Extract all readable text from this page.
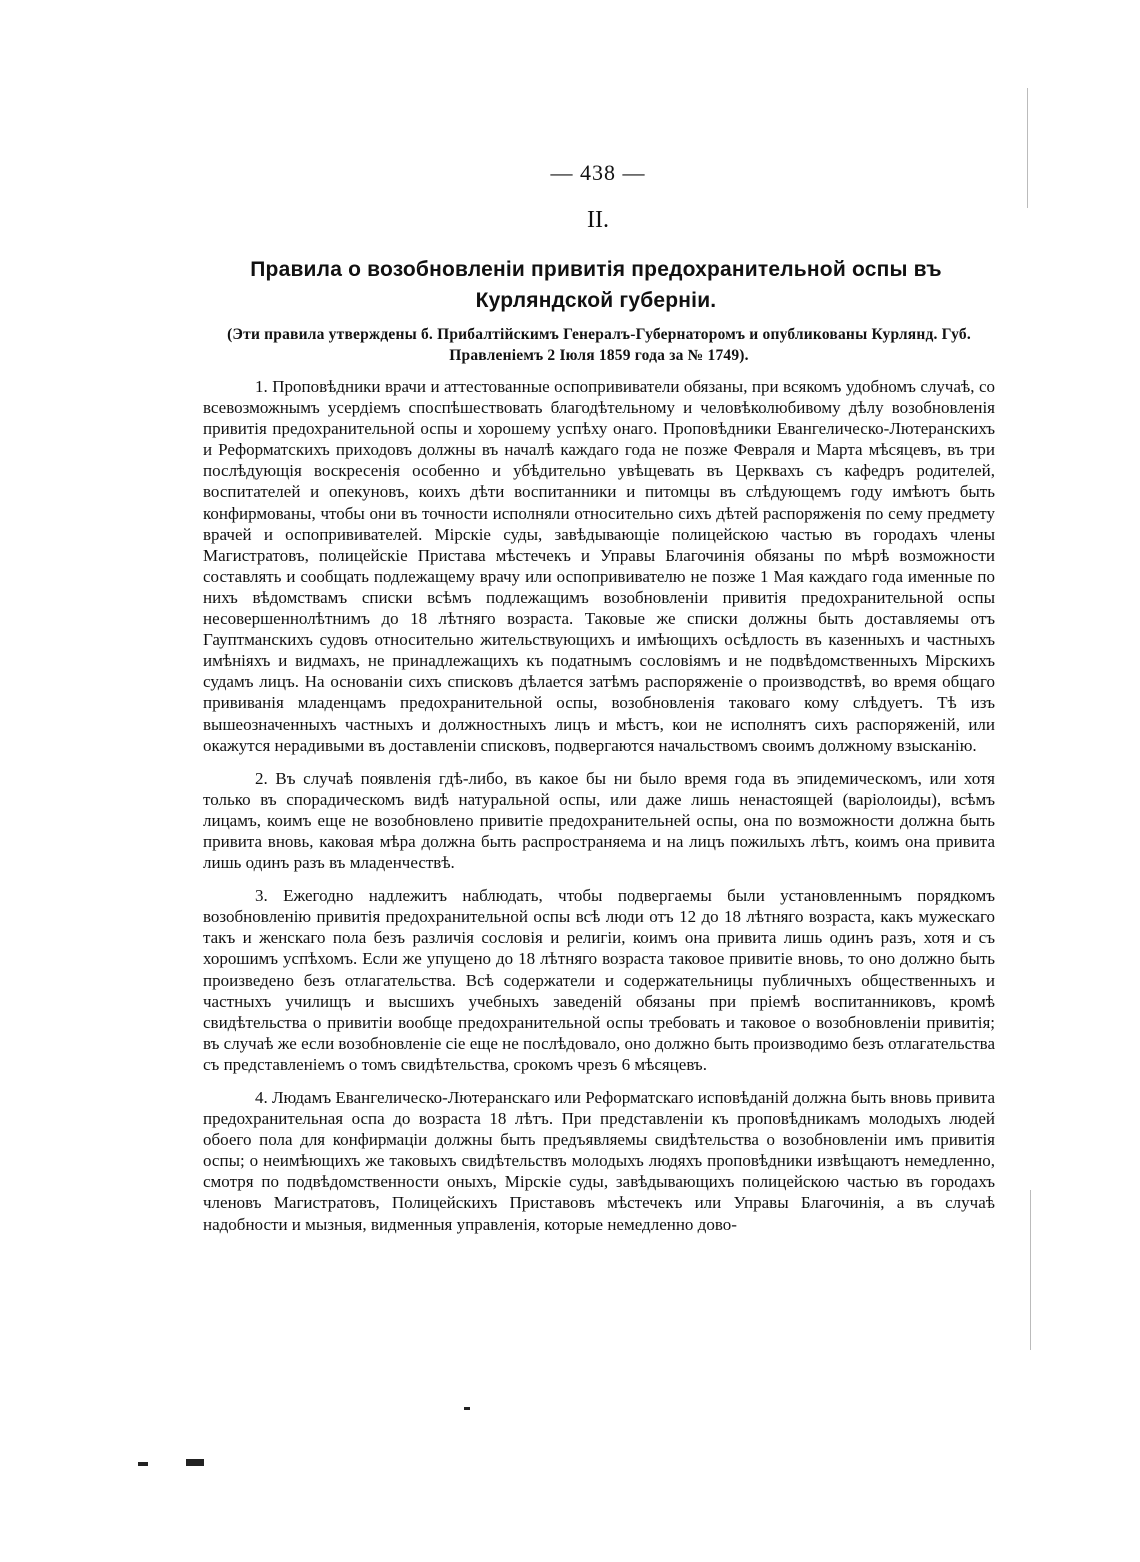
— 438 —
II.
Правила о возобновленіи привитія предохранительной оспы въ Курляндской губерніи.
(Эти правила утверждены б. Прибалтійскимъ Генералъ-Губернаторомъ и опубликованы Курлянд. Губ. Правленіемъ 2 Іюля 1859 года за № 1749).

1. Проповѣдники врачи и аттестованные оспопрививатели обязаны, при всякомъ удобномъ случаѣ, со всевозможнымъ усердіемъ споспѣшествовать благодѣтельному и человѣколюбивому дѣлу возобновленія привитія предохранительной оспы и хорошему успѣху онаго. Проповѣдники Евангелическо-Лютеранскихъ и Реформатскихъ приходовъ должны въ началѣ каждаго года не позже Февраля и Марта мѣсяцевъ, въ три послѣдующія воскресенія особенно и убѣдительно увѣщевать въ Церквахъ съ кафедръ родителей, воспитателей и опекуновъ, коихъ дѣти воспитанники и питомцы въ слѣдующемъ году имѣютъ быть конфирмованы, чтобы они въ точности исполняли относительно сихъ дѣтей распоряженія по сему предмету врачей и оспопрививателей. Мірскіе суды, завѣдывающіе полицейскою частью въ городахъ члены Магистратовъ, полицейскіе Пристава мѣстечекъ и Управы Благочинія обязаны по мѣрѣ возможности составлять и сообщать подлежащему врачу или оспопрививателю не позже 1 Мая каждаго года именные по нихъ вѣдомствамъ списки всѣмъ подлежащимъ возобновленіи привитія предохранительной оспы несовершеннолѣтнимъ до 18 лѣтняго возраста. Таковые же списки должны быть доставляемы отъ Гауптманскихъ судовъ относительно жительствующихъ и имѣющихъ осѣдлость въ казенныхъ и частныхъ имѣніяхъ и видмахъ, не принадлежащихъ къ податнымъ сословіямъ и не подвѣдомственныхъ Мірскихъ судамъ лицъ. На основаніи сихъ списковъ дѣлается затѣмъ распоряженіе о производствѣ, во время общаго прививанія младенцамъ предохранительной оспы, возобновленія таковаго кому слѣдуетъ. Тѣ изъ вышеозначенныхъ частныхъ и должностныхъ лицъ и мѣстъ, кои не исполнятъ сихъ распоряженій, или окажутся нерадивыми въ доставленіи списковъ, подвергаются начальствомъ своимъ должному взысканію.

2. Въ случаѣ появленія гдѣ-либо, въ какое бы ни было время года въ эпидемическомъ, или хотя только въ спорадическомъ видѣ натуральной оспы, или даже лишь ненастоящей (варіолоиды), всѣмъ лицамъ, коимъ еще не возобновлено привитіе предохранительней оспы, она по возможности должна быть привита вновь, каковая мѣра должна быть распространяема и на лицъ пожилыхъ лѣтъ, коимъ она привита лишь одинъ разъ въ младенчествѣ.

3. Ежегодно надлежитъ наблюдать, чтобы подвергаемы были установленнымъ порядкомъ возобновленію привитія предохранительной оспы всѣ люди отъ 12 до 18 лѣтняго возраста, какъ мужескаго такъ и женскаго пола безъ различія сословія и религіи, коимъ она привита лишь одинъ разъ, хотя и съ хорошимъ успѣхомъ. Если же упущено до 18 лѣтняго возраста таковое привитіе вновь, то оно должно быть произведено безъ отлагательства. Всѣ содержатели и содержательницы публичныхъ общественныхъ и частныхъ училищъ и высшихъ учебныхъ заведеній обязаны при пріемѣ воспитанниковъ, кромѣ свидѣтельства о привитіи вообще предохранительной оспы требовать и таковое о возобновленіи привитія; въ случаѣ же если возобновленіе сіе еще не послѣдовало, оно должно быть производимо безъ отлагательства съ представленіемъ о томъ свидѣтельства, срокомъ чрезъ 6 мѣсяцевъ.

4. Людамъ Евангелическо-Лютеранскаго или Реформатскаго исповѣданій должна быть вновь привита предохранительная оспа до возраста 18 лѣтъ. При представленіи къ проповѣдникамъ молодыхъ людей обоего пола для конфирмаціи должны быть предъявляемы свидѣтельства о возобновленіи имъ привитія оспы; о неимѣющихъ же таковыхъ свидѣтельствъ молодыхъ людяхъ проповѣдники извѣщаютъ немедленно, смотря по подвѣдомственности оныхъ, Мірскіе суды, завѣдывающихъ полицейскою частью въ городахъ членовъ Магистратовъ, Полицейскихъ Приставовъ мѣстечекъ или Управы Благочинія, а въ случаѣ надобности и мызныя, видменныя управленія, которые немедленно дово-
